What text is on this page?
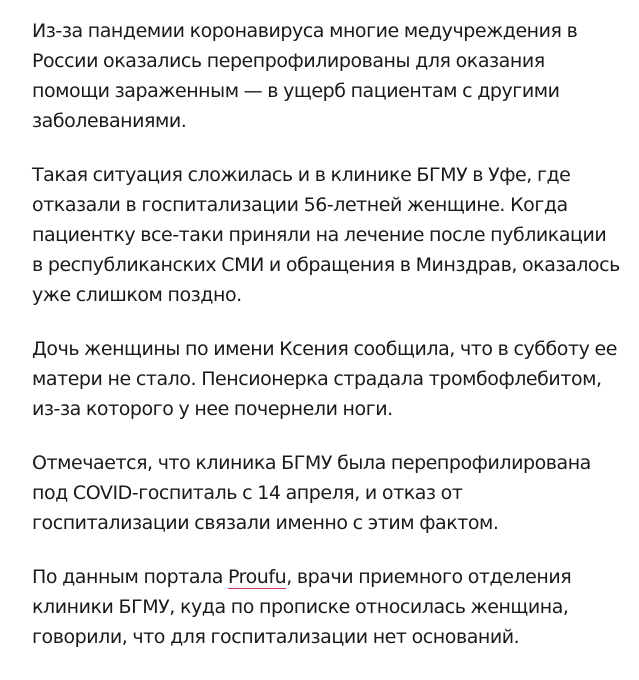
Из-за пандемии коронавируса многие медучреждения в России оказались перепрофилированы для оказания помощи зараженным — в ущерб пациентам с другими заболеваниями.

Такая ситуация сложилась и в клинике БГМУ в Уфе, где отказали в госпитализации 56-летней женщине. Когда пациентку все-таки приняли на лечение после публикации в республиканских СМИ и обращения в Минздрав, оказалось уже слишком поздно.

Дочь женщины по имени Ксения сообщила, что в субботу ее матери не стало. Пенсионерка страдала тромбофлебитом, из-за которого у нее почернели ноги.

Отмечается, что клиника БГМУ была перепрофилирована под COVID-госпиталь с 14 апреля, и отказ от госпитализации связали именно с этим фактом.

По данным портала Proufu, врачи приемного отделения клиники БГМУ, куда по прописке относилась женщина, говорили, что для госпитализации нет оснований.
